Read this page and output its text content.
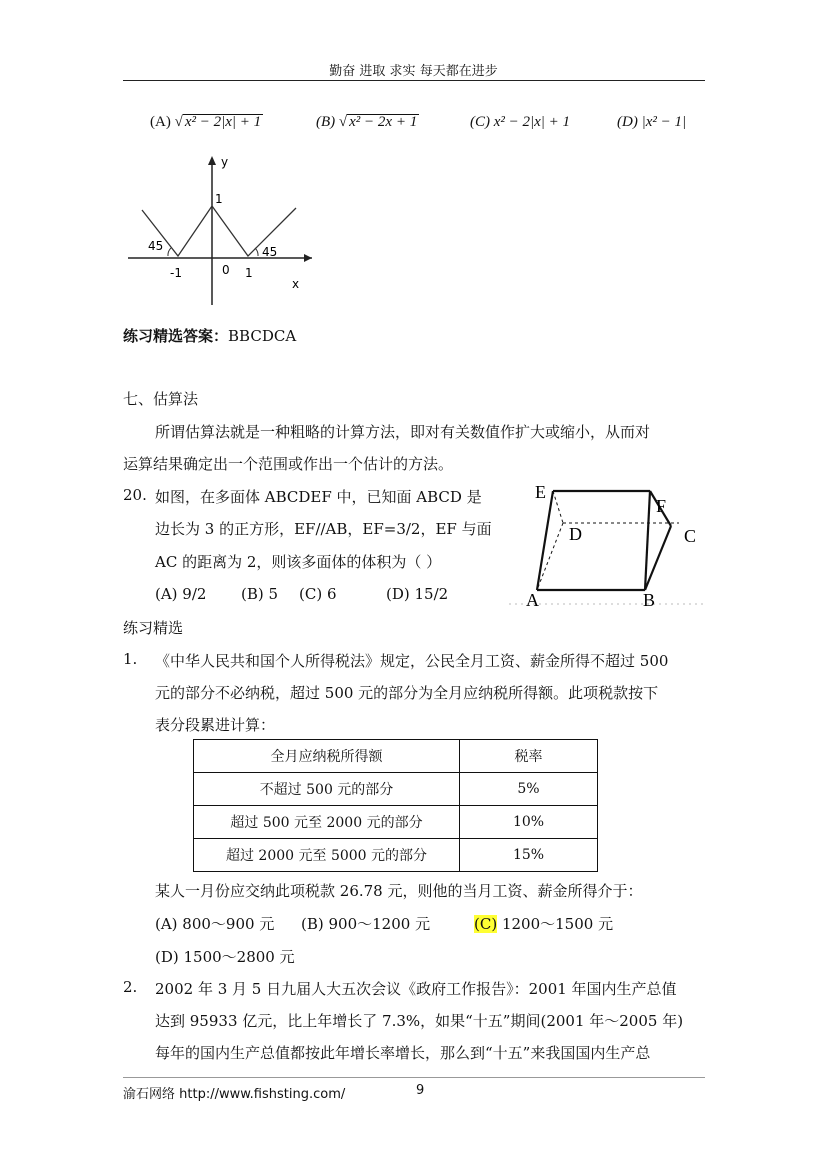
勤奋 进取 求实 每天都在进步
(A) √ x² − 2|x| + 1	(B) √ x² − 2x + 1	(C) x² − 2|x| + 1	(D) |x² − 1|
y
1
0
-1	1
45	45
x
练习精选答案：BBCDCA
七、估算法
所谓估算法就是一种粗略的计算方法，即对有关数值作扩大或缩小，从而对
运算结果确定出一个范围或作出一个估计的方法。
20. 如图，在多面体 ABCDEF 中，已知面 ABCD 是
边长为 3 的正方形，EF//AB，EF=3/2，EF 与面
AC 的距离为 2，则该多面体的体积为（ ）
(A) 9/2 (B) 5 (C) 6	(D) 15/2
E
F
C
D
A	B
练习精选
1. 《中华人民共和国个人所得税法》规定，公民全月工资、薪金所得不超过 500
元的部分不必纳税，超过 500 元的部分为全月应纳税所得额。此项税款按下
表分段累进计算：
全月应纳税所得额	税率
不超过 500 元的部分	5%
超过 500 元至 2000 元的部分	10%
超过 2000 元至 5000 元的部分	15%
某人一月份应交纳此项税款 26.78 元，则他的当月工资、薪金所得介于：
(A) 800～900 元 (B) 900～1200 元	(C) 1200～1500 元
(D) 1500～2800 元
2. 2002 年 3 月 5 日九届人大五次会议《政府工作报告》：2001 年国内生产总值
达到 95933 亿元，比上年增长了 7.3%，如果“十五”期间(2001 年～2005 年)
每年的国内生产总值都按此年增长率增长，那么到“十五”来我国国内生产总
渝石网络 http://www.fishsting.com/	9
